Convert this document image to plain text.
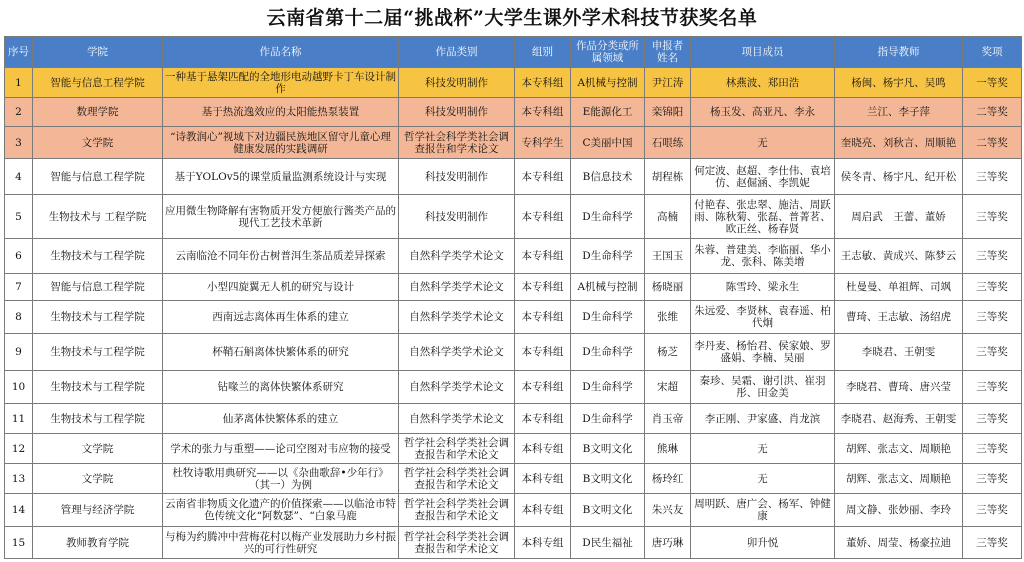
云南省第十二届“挑战杯”大学生课外学术科技节获奖名单
序号	学院	作品名称	作品类别	组别	作品分类或所属领域	申报者姓名	项目成员	指导教师	奖项
1	智能与信息工程学院	一种基于悬架匹配的全地形电动越野卡丁车设计制作	科技发明制作	本专科组	A机械与控制	尹江涛	林燕波、郑田浩	杨闽、杨宇凡、吴鸣	一等奖
2	数理学院	基于热流逸效应的太阳能热泵装置	科技发明制作	本专科组	E能源化工	栾锦阳	杨玉发、高亚凡、李永	兰江、李子萍	二等奖
3	文学院	“诗教润心”视域下对边疆民族地区留守儿童心理健康发展的实践调研	哲学社会科学类社会调查报告和学术论文	专科学生	C美丽中国	石哏练	无	奎晓亮、刘秋言、周顺艳	二等奖
4	智能与信息工程学院	基于YOLOv5的课堂质量监测系统设计与实现	科技发明制作	本专科组	B信息技术	胡程栋	何定波、赵超、李仕伟、袁培仿、赵倔涵、李凯妮	侯冬青、杨宇凡、纪开松	三等奖
5	生物技术与 工程学院	应用微生物降解有害物质开发方便旅行酱类产品的现代工艺技术革新	科技发明制作	本专科组	D生命科学	高楠	付艳春、张忠翠、施洁、周跃雨、陈秋菊、张磊、普菁茗、欧正丝、杨春贤	周启武　王蕾、董娇	三等奖
6	生物技术与工程学院	云南临沧不同年份古树普洱生茶品质差异探索	自然科学类学术论文	本专科组	D生命科学	王国玉	朱蓉、普建美、李临丽、华小龙、张科、陈美增	王志敏、黄成兴、陈梦云	三等奖
7	智能与信息工程学院	小型四旋翼无人机的研究与设计	自然科学类学术论文	本专科组	A机械与控制	杨晓丽	陈雪玲、梁永生	杜曼曼、单祖辉、司飒	三等奖
8	生物技术与工程学院	西南远志离体再生体系的建立	自然科学类学术论文	本专科组	D生命科学	张维	朱远爱、李贤林、袁春遥、柏代炯	曹琦、王志敏、汤绍虎	三等奖
9	生物技术与工程学院	杯鞘石斛离体快繁体系的研究	自然科学类学术论文	本专科组	D生命科学	杨芝	李丹麦、杨怡君、侯家娘、罗盛娟、李楠、吴丽	李晓君、王朝雯	三等奖
10	生物技术与工程学院	钻喙兰的离体快繁体系研究	自然科学类学术论文	本专科组	D生命科学	宋超	秦珍、吴霜、谢引洪、崔羽彤、田金美	李晓君、曹琦、唐兴莹	三等奖
11	生物技术与工程学院	仙茅离体快繁体系的建立	自然科学类学术论文	本专科组	D生命科学	肖玉帝	李正刚、尹家盛、肖龙滨	李晓君、赵海秀、王朝雯	三等奖
12	文学院	学术的张力与重塑——论司空图对韦应物的接受	哲学社会科学类社会调查报告和学术论文	本科专组	B文明文化	熊琳	无	胡辉、张志文、周顺艳	三等奖
13	文学院	杜牧诗歌用典研究——以《杂曲歌辞•少年行》（其一）为例	哲学社会科学类社会调查报告和学术论文	本科专组	B文明文化	杨玲红	无	胡辉、张志文、周顺艳	三等奖
14	管理与经济学院	云南省非物质文化遗产的价值探索——以临沧市特色传统文化“阿数瑟”、“白象马鹿	哲学社会科学类社会调查报告和学术论文	本科专组	B文明文化	朱兴友	周明跃、唐广会、杨军、钟健康	周文静、张妙丽、李玲	三等奖
15	教师教育学院	与梅为约腾冲中营梅花村以梅产业发展助力乡村振兴的可行性研究	哲学社会科学类社会调查报告和学术论文	本科专组	D民生福祉	唐巧琳	卯升悦	董娇、周莹、杨豪拉迪	三等奖
